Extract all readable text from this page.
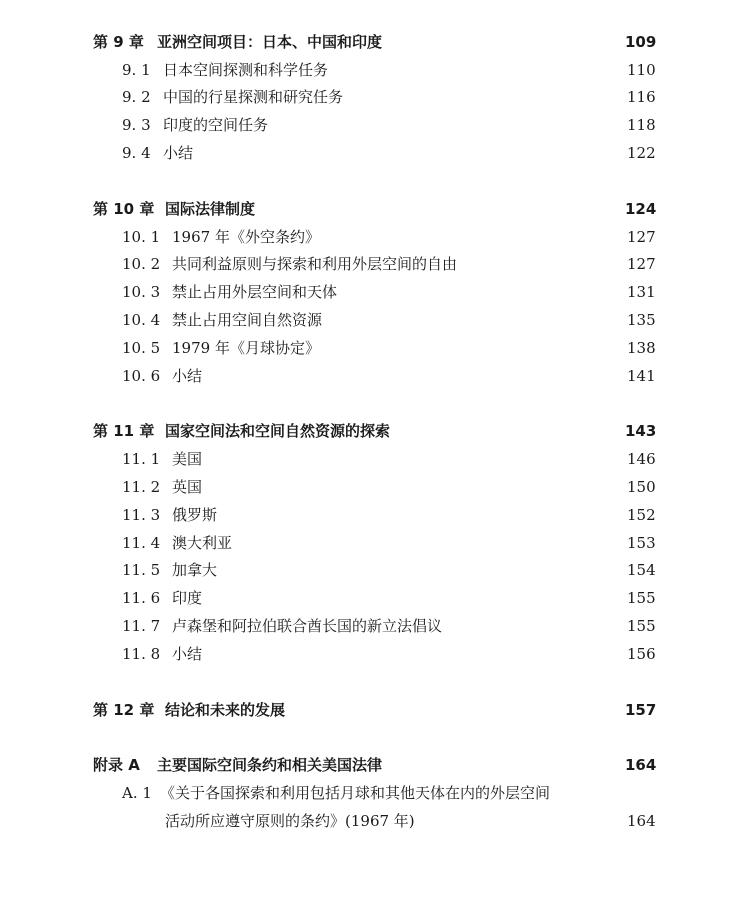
第 9 章 亚洲空间项目：日本、中国和印度	109
9. 1 日本空间探测和科学任务	110
9. 2 中国的行星探测和研究任务	116
9. 3 印度的空间任务	118
9. 4 小结	122
第 10 章 国际法律制度	124
10. 1 1967 年《外空条约》	127
10. 2 共同利益原则与探索和利用外层空间的自由	127
10. 3 禁止占用外层空间和天体	131
10. 4 禁止占用空间自然资源	135
10. 5 1979 年《月球协定》	138
10. 6 小结	141
第 11 章 国家空间法和空间自然资源的探索	143
11. 1 美国	146
11. 2 英国	150
11. 3 俄罗斯	152
11. 4 澳大利亚	153
11. 5 加拿大	154
11. 6 印度	155
11. 7 卢森堡和阿拉伯联合酋长国的新立法倡议	155
11. 8 小结	156
第 12 章 结论和未来的发展	157
附录 A 主要国际空间条约和相关美国法律	164
A. 1 《关于各国探索和利用包括月球和其他天体在内的外层空间
活动所应遵守原则的条约》(1967 年)	164
